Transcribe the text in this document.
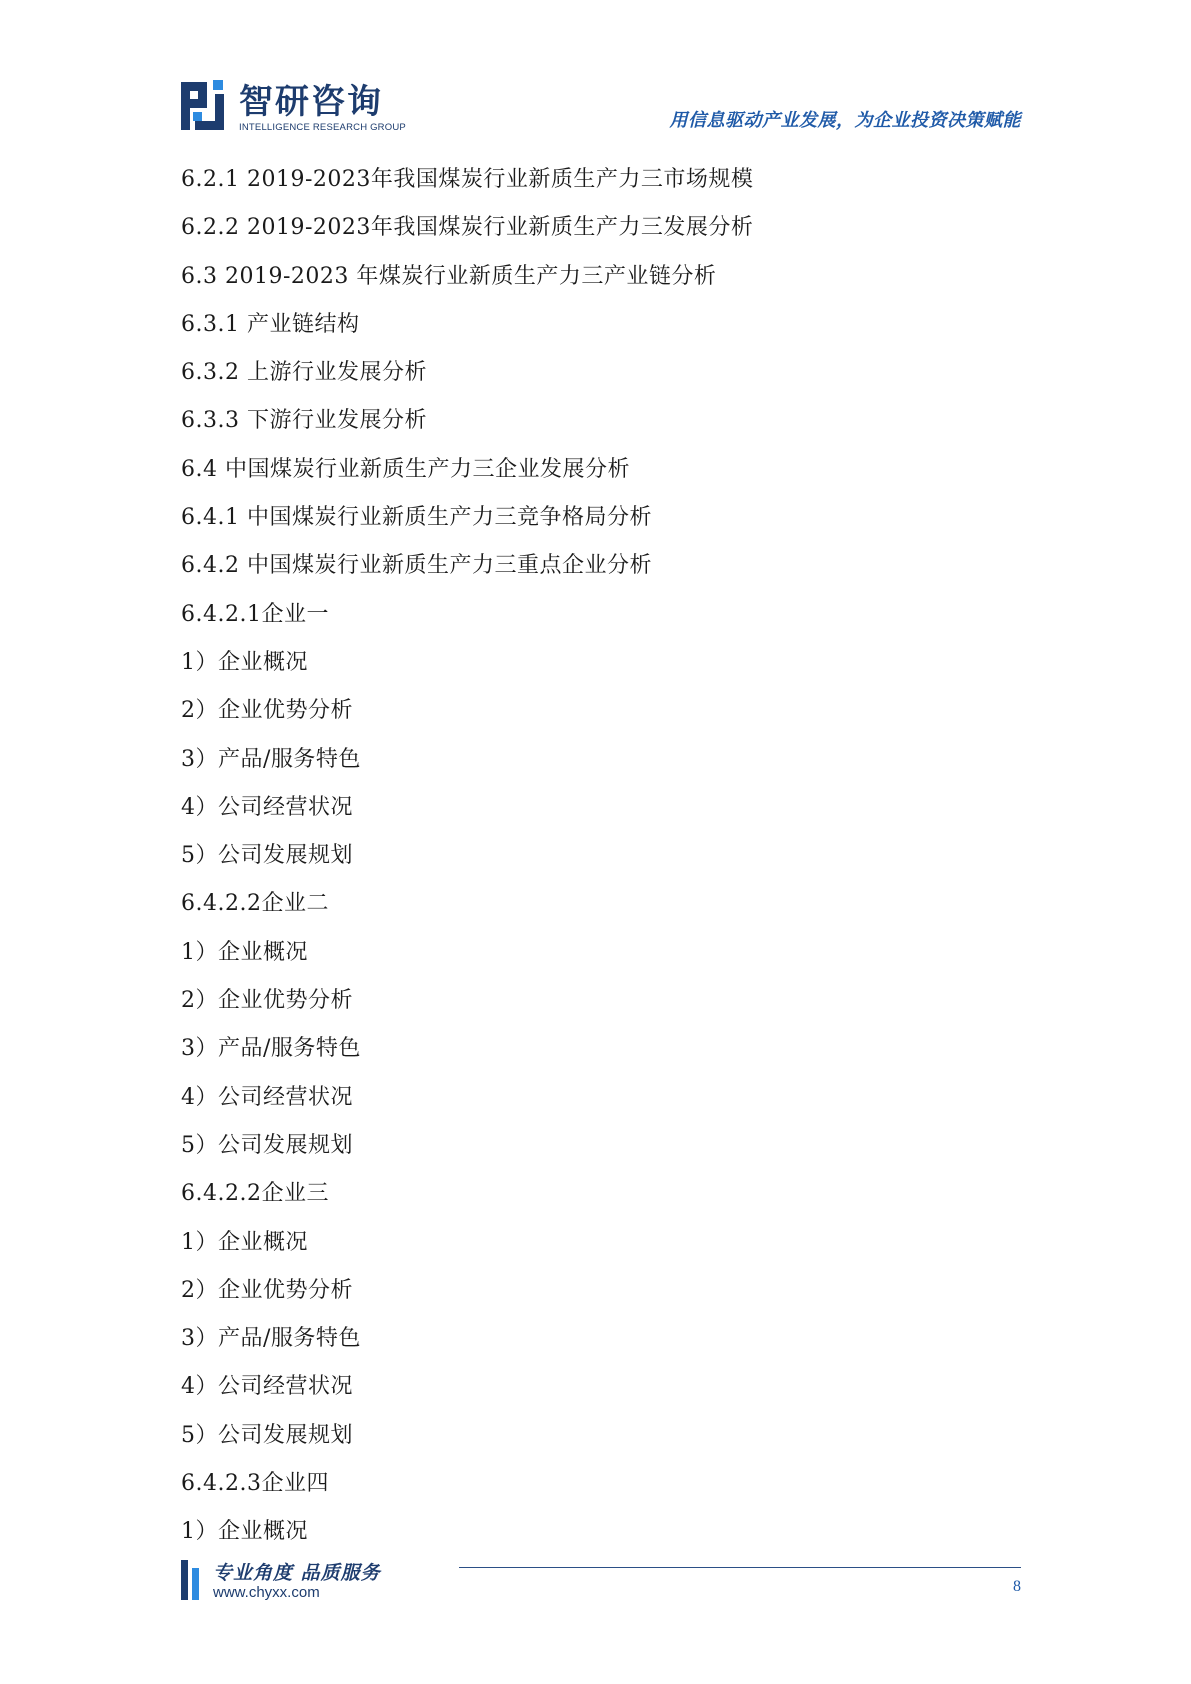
智研咨询
INTELLIGENCE RESEARCH GROUP	用信息驱动产业发展，为企业投资决策赋能
6.2.1 2019-2023年我国煤炭行业新质生产力三市场规模
6.2.2 2019-2023年我国煤炭行业新质生产力三发展分析
6.3 2019-2023 年煤炭行业新质生产力三产业链分析
6.3.1 产业链结构
6.3.2 上游行业发展分析
6.3.3 下游行业发展分析
6.4 中国煤炭行业新质生产力三企业发展分析
6.4.1 中国煤炭行业新质生产力三竞争格局分析
6.4.2 中国煤炭行业新质生产力三重点企业分析
6.4.2.1企业一
1）企业概况
2）企业优势分析
3）产品/服务特色
4）公司经营状况
5）公司发展规划
6.4.2.2企业二
1）企业概况
2）企业优势分析
3）产品/服务特色
4）公司经营状况
5）公司发展规划
6.4.2.2企业三
1）企业概况
2）企业优势分析
3）产品/服务特色
4）公司经营状况
5）公司发展规划
6.4.2.3企业四
1）企业概况
专业角度 品质服务
www.chyxx.com	8
